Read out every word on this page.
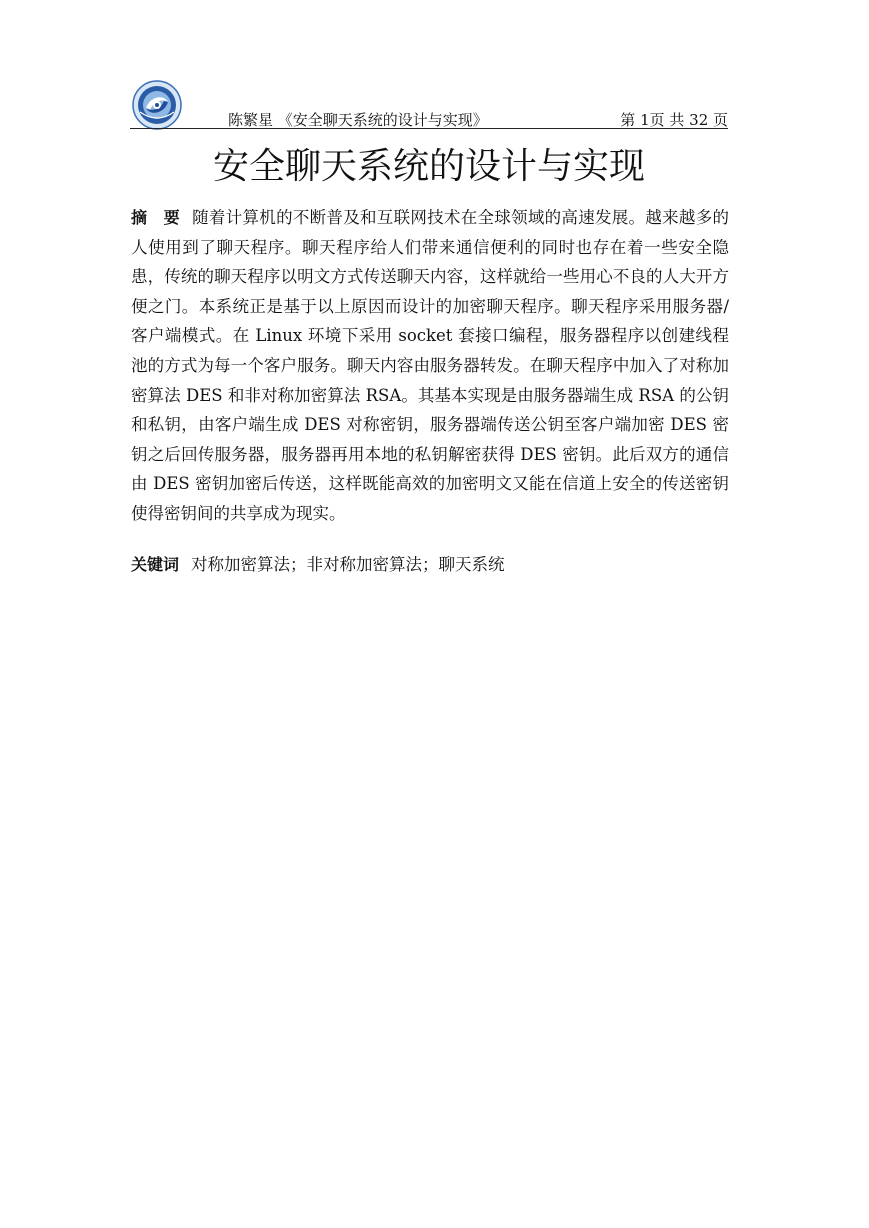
陈繁星 《安全聊天系统的设计与实现》	第 1页 共 32 页
安全聊天系统的设计与实现

摘　要 随着计算机的不断普及和互联网技术在全球领域的高速发展。越来越多的人使用到了聊天程序。聊天程序给人们带来通信便利的同时也存在着一些安全隐患，传统的聊天程序以明文方式传送聊天内容，这样就给一些用心不良的人大开方便之门。本系统正是基于以上原因而设计的加密聊天程序。聊天程序采用服务器/客户端模式。在 Linux 环境下采用 socket 套接口编程，服务器程序以创建线程池的方式为每一个客户服务。聊天内容由服务器转发。在聊天程序中加入了对称加密算法 DES 和非对称加密算法 RSA。其基本实现是由服务器端生成 RSA 的公钥和私钥，由客户端生成 DES 对称密钥，服务器端传送公钥至客户端加密 DES 密钥之后回传服务器，服务器再用本地的私钥解密获得 DES 密钥。此后双方的通信由 DES 密钥加密后传送，这样既能高效的加密明文又能在信道上安全的传送密钥使得密钥间的共享成为现实。

关键词 对称加密算法；非对称加密算法；聊天系统
